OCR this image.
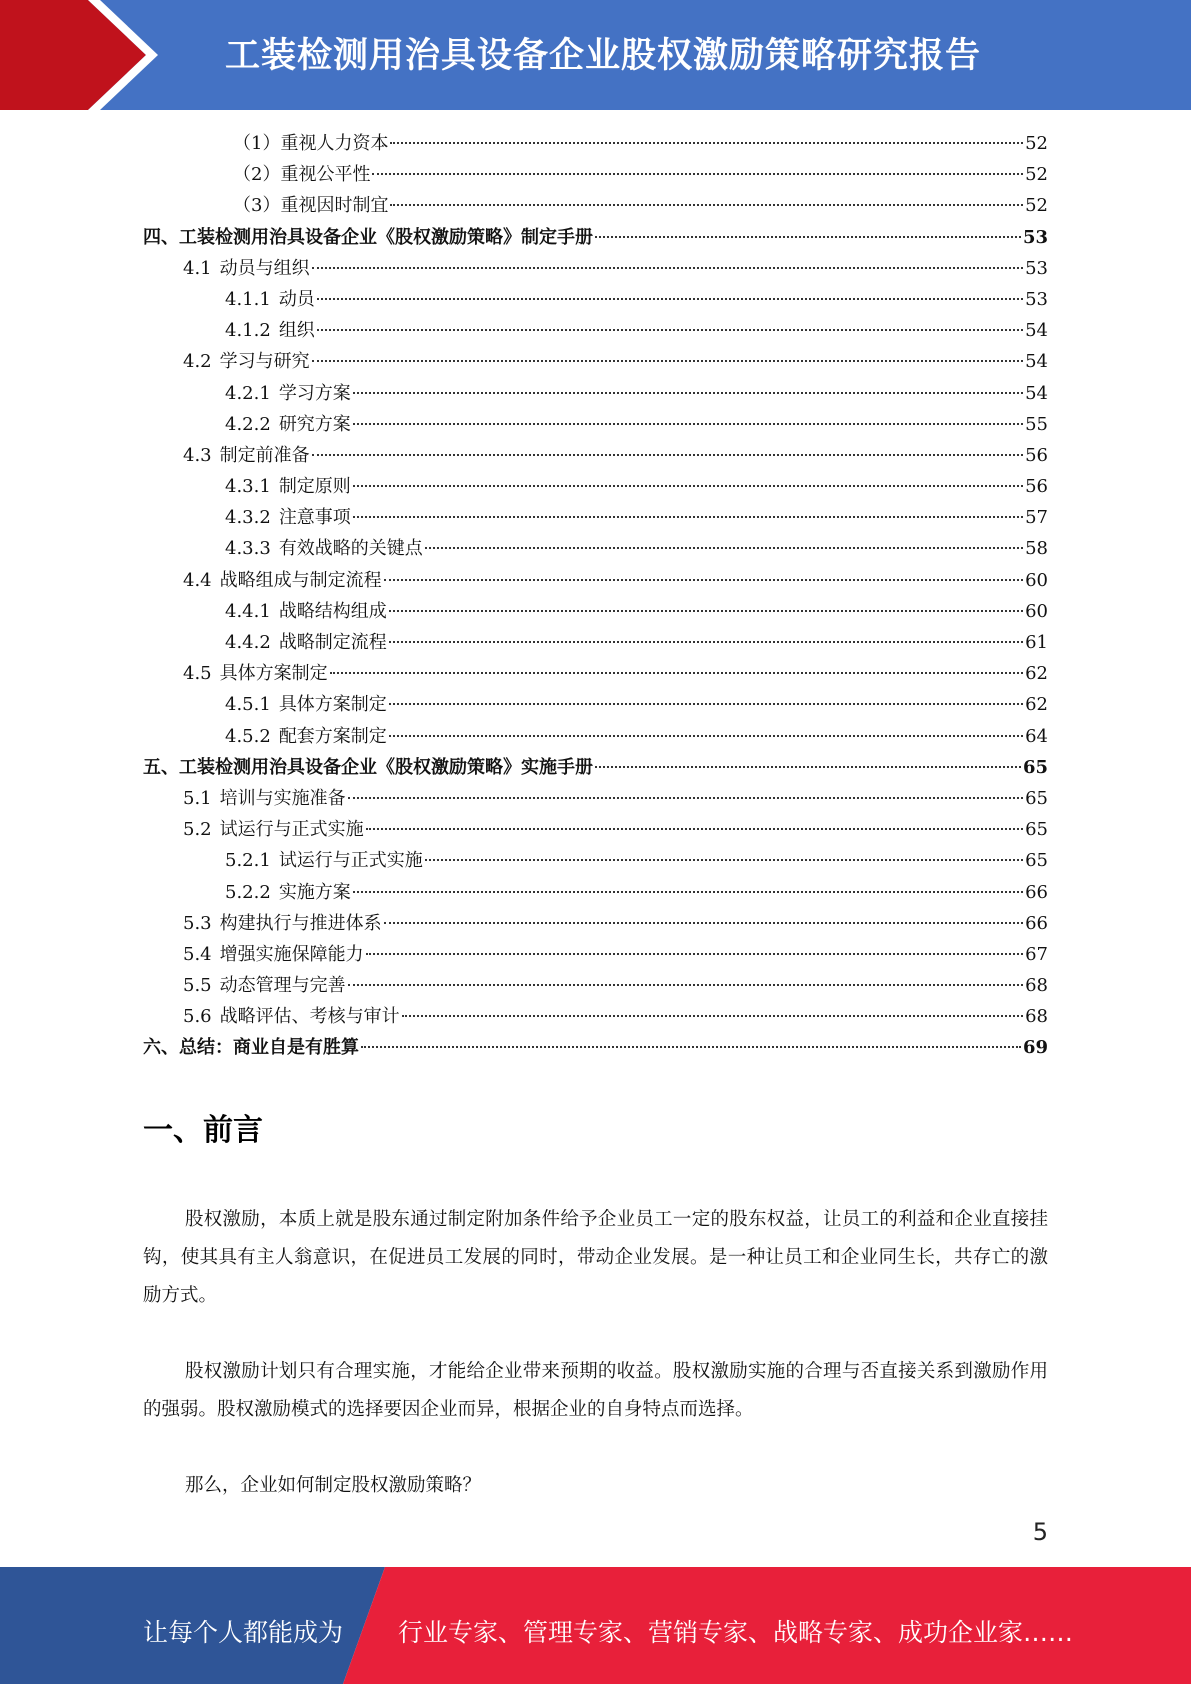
工装检测用治具设备企业股权激励策略研究报告
（1）重视人力资本	52
（2）重视公平性	52
（3）重视因时制宜	52
四、工装检测用治具设备企业《股权激励策略》制定手册	53
4.1 动员与组织	53
4.1.1 动员	53
4.1.2 组织	54
4.2 学习与研究	54
4.2.1 学习方案	54
4.2.2 研究方案	55
4.3 制定前准备	56
4.3.1 制定原则	56
4.3.2 注意事项	57
4.3.3 有效战略的关键点	58
4.4 战略组成与制定流程	60
4.4.1 战略结构组成	60
4.4.2 战略制定流程	61
4.5 具体方案制定	62
4.5.1 具体方案制定	62
4.5.2 配套方案制定	64
五、工装检测用治具设备企业《股权激励策略》实施手册	65
5.1 培训与实施准备	65
5.2 试运行与正式实施	65
5.2.1 试运行与正式实施	65
5.2.2 实施方案	66
5.3 构建执行与推进体系	66
5.4 增强实施保障能力	67
5.5 动态管理与完善	68
5.6 战略评估、考核与审计	68
六、总结：商业自是有胜算	69
一、前言

股权激励，本质上就是股东通过制定附加条件给予企业员工一定的股东权益，让员工的利益和企业直接挂钩，使其具有主人翁意识，在促进员工发展的同时，带动企业发展。是一种让员工和企业同生长，共存亡的激励方式。

股权激励计划只有合理实施，才能给企业带来预期的收益。股权激励实施的合理与否直接关系到激励作用的强弱。股权激励模式的选择要因企业而异，根据企业的自身特点而选择。

那么，企业如何制定股权激励策略？

5
让每个人都能成为 行业专家、管理专家、营销专家、战略专家、成功企业家……
